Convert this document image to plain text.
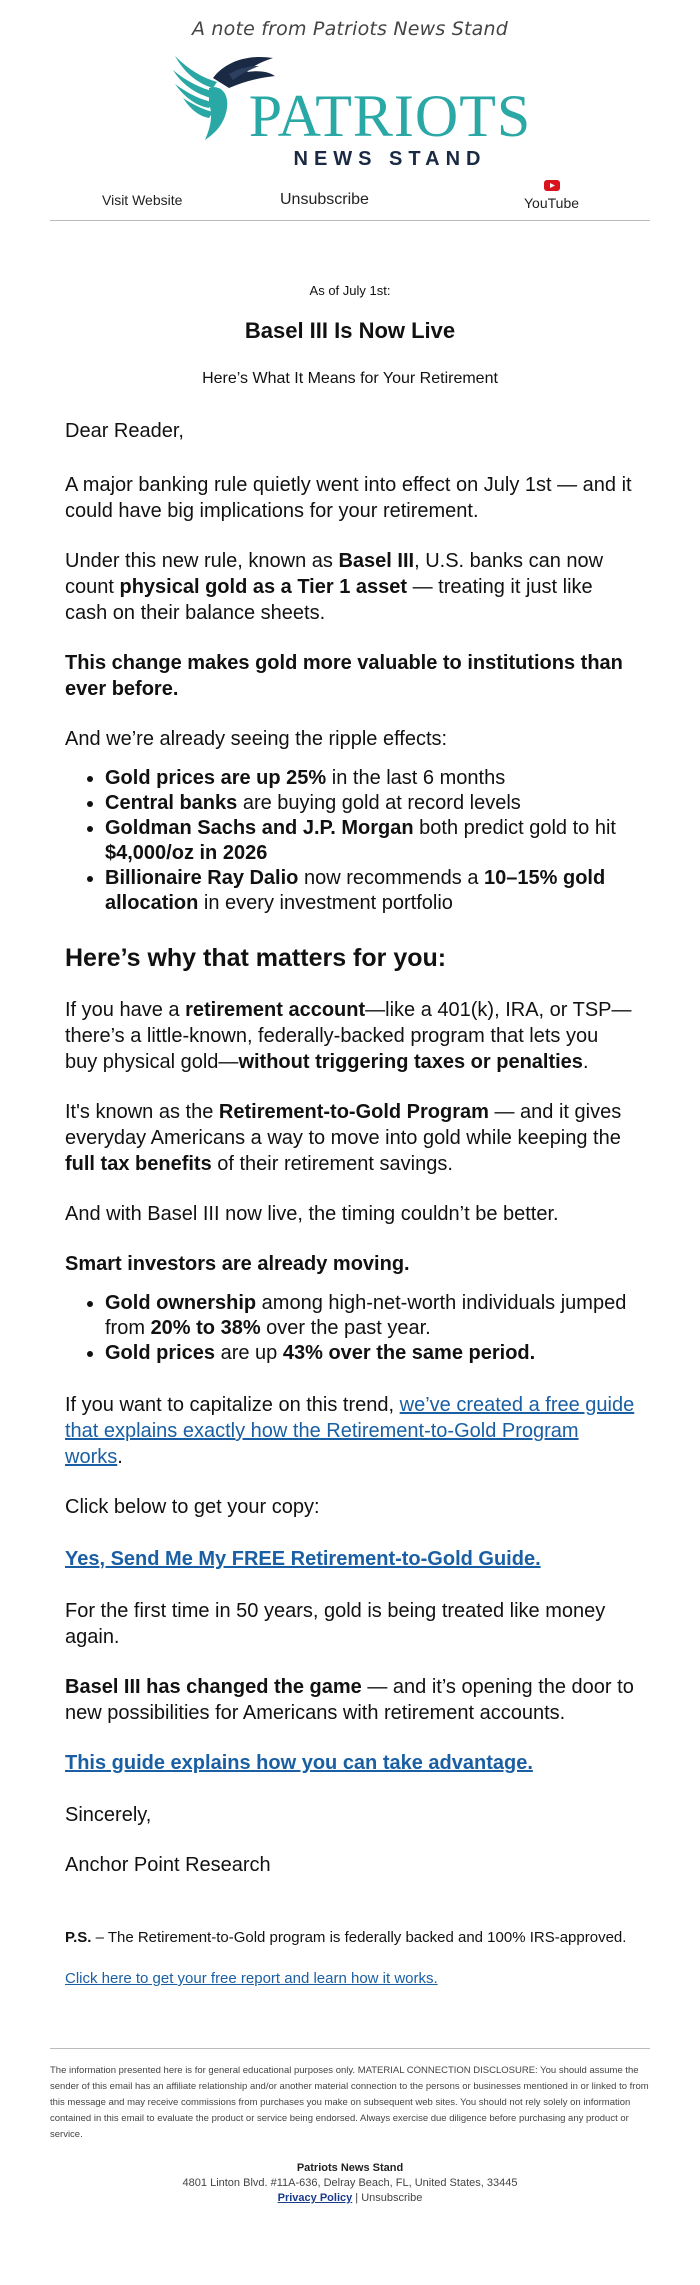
A note from Patriots News Stand
PATRIOTS
NEWS STAND
Visit Website	Unsubscribe	YouTube
As of July 1st:
Basel III Is Now Live
Here’s What It Means for Your Retirement

Dear Reader,

A major banking rule quietly went into effect on July 1st — and it could have big implications for your retirement.

Under this new rule, known as Basel III, U.S. banks can now count physical gold as a Tier 1 asset — treating it just like cash on their balance sheets.

This change makes gold more valuable to institutions than ever before.

And we’re already seeing the ripple effects:

• Gold prices are up 25% in the last 6 months
• Central banks are buying gold at record levels
• Goldman Sachs and J.P. Morgan both predict gold to hit $4,000/oz in 2026
• Billionaire Ray Dalio now recommends a 10–15% gold allocation in every investment portfolio
Here’s why that matters for you:

If you have a retirement account—like a 401(k), IRA, or TSP—there’s a little-known, federally-backed program that lets you buy physical gold—without triggering taxes or penalties.

It's known as the Retirement-to-Gold Program — and it gives everyday Americans a way to move into gold while keeping the full tax benefits of their retirement savings.

And with Basel III now live, the timing couldn’t be better.

Smart investors are already moving.

• Gold ownership among high-net-worth individuals jumped from 20% to 38% over the past year.
• Gold prices are up 43% over the same period.

If you want to capitalize on this trend, we’ve created a free guide that explains exactly how the Retirement-to-Gold Program works.

Click below to get your copy:

Yes, Send Me My FREE Retirement-to-Gold Guide.

For the first time in 50 years, gold is being treated like money again.

Basel III has changed the game — and it’s opening the door to new possibilities for Americans with retirement accounts.

This guide explains how you can take advantage.

Sincerely,

Anchor Point Research

P.S. – The Retirement-to-Gold program is federally backed and 100% IRS-approved.

Click here to get your free report and learn how it works.

The information presented here is for general educational purposes only. MATERIAL CONNECTION DISCLOSURE: You should assume the sender of this email has an affiliate relationship and/or another material connection to the persons or businesses mentioned in or linked to from this message and may receive commissions from purchases you make on subsequent web sites. You should not rely solely on information contained in this email to evaluate the product or service being endorsed. Always exercise due diligence before purchasing any product or service.
Patriots News Stand
4801 Linton Blvd. #11A-636, Delray Beach, FL, United States, 33445
Privacy Policy | Unsubscribe
